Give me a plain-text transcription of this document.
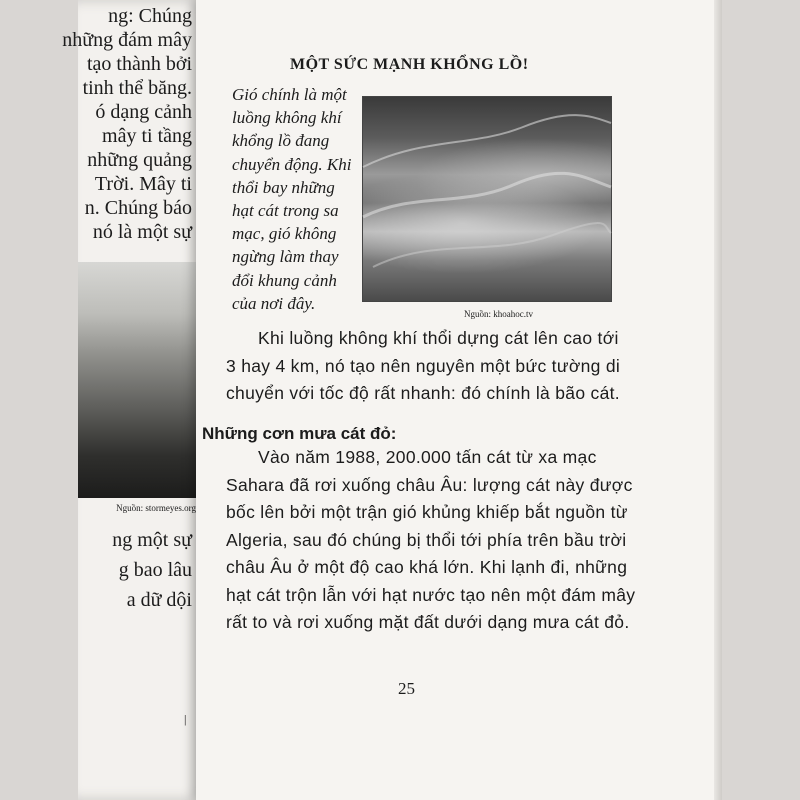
ng: Chúng
những đám mây
tạo thành bởi
tinh thể băng.
ó dạng cảnh
mây ti tầng
những quảng
Trời. Mây ti
n. Chúng báo
nó là một sự
Nguồn: stormeyes.org
ng một sự
g bao lâu
a dữ dội
|
MỘT SỨC MẠNH KHỔNG LỒ!
Gió chính là một
luồng không khí
khổng lồ đang
chuyển động. Khi
thổi bay những
hạt cát trong sa
mạc, gió không
ngừng làm thay
đổi khung cảnh
của nơi đây.
Nguồn: khoahoc.tv
Khi luồng không khí thổi dựng cát lên cao tới
3 hay 4 km, nó tạo nên nguyên một bức tường di
chuyển với tốc độ rất nhanh: đó chính là bão cát.
Những cơn mưa cát đỏ:
Vào năm 1988, 200.000 tấn cát từ xa mạc
Sahara đã rơi xuống châu Âu: lượng cát này được
bốc lên bởi một trận gió khủng khiếp bắt nguồn từ
Algeria, sau đó chúng bị thổi tới phía trên bầu trời
châu Âu ở một độ cao khá lớn. Khi lạnh đi, những
hạt cát trộn lẫn với hạt nước tạo nên một đám mây
rất to và rơi xuống mặt đất dưới dạng mưa cát đỏ.
25
